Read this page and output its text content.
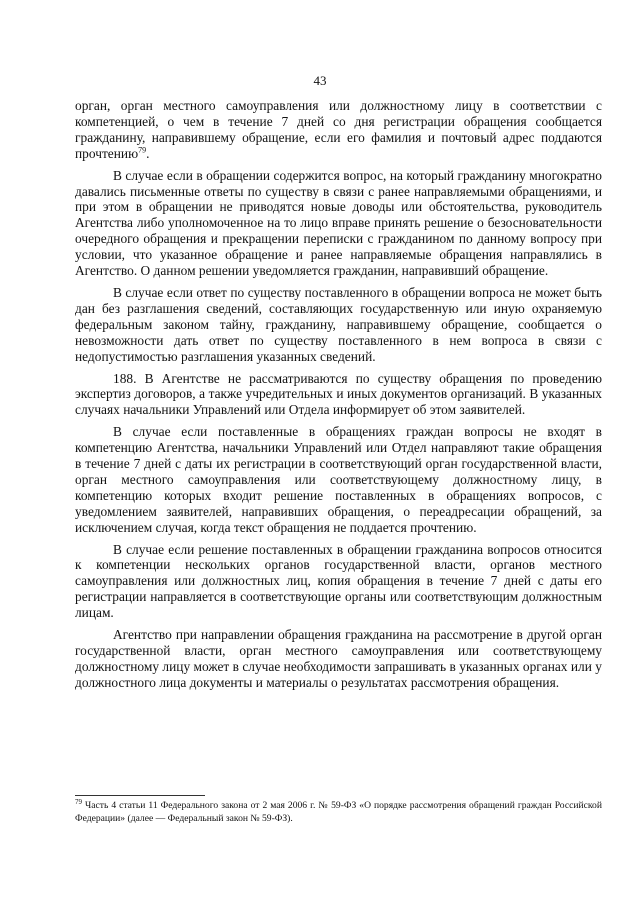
43

орган, орган местного самоуправления или должностному лицу в соответствии с компетенцией, о чем в течение 7 дней со дня регистрации обращения сообщается гражданину, направившему обращение, если его фамилия и почтовый адрес поддаются прочтению$^{79}$.

В случае если в обращении содержится вопрос, на который гражданину многократно давались письменные ответы по существу в связи с ранее направляемыми обращениями, и при этом в обращении не приводятся новые доводы или обстоятельства, руководитель Агентства либо уполномоченное на то лицо вправе принять решение о безосновательности очередного обращения и прекращении переписки с гражданином по данному вопросу при условии, что указанное обращение и ранее направляемые обращения направлялись в Агентство. О данном решении уведомляется гражданин, направивший обращение.

В случае если ответ по существу поставленного в обращении вопроса не может быть дан без разглашения сведений, составляющих государственную или иную охраняемую федеральным законом тайну, гражданину, направившему обращение, сообщается о невозможности дать ответ по существу поставленного в нем вопроса в связи с недопустимостью разглашения указанных сведений.

188. В Агентстве не рассматриваются по существу обращения по проведению экспертиз договоров, а также учредительных и иных документов организаций. В указанных случаях начальники Управлений или Отдела информирует об этом заявителей.

В случае если поставленные в обращениях граждан вопросы не входят в компетенцию Агентства, начальники Управлений или Отдел направляют такие обращения в течение 7 дней с даты их регистрации в соответствующий орган государственной власти, орган местного самоуправления или соответствующему должностному лицу, в компетенцию которых входит решение поставленных в обращениях вопросов, с уведомлением заявителей, направивших обращения, о переадресации обращений, за исключением случая, когда текст обращения не поддается прочтению.

В случае если решение поставленных в обращении гражданина вопросов относится к компетенции нескольких органов государственной власти, органов местного самоуправления или должностных лиц, копия обращения в течение 7 дней с даты его регистрации направляется в соответствующие органы или соответствующим должностным лицам.

Агентство при направлении обращения гражданина на рассмотрение в другой орган государственной власти, орган местного самоуправления или соответствующему должностному лицу может в случае необходимости запрашивать в указанных органах или у должностного лица документы и материалы о результатах рассмотрения обращения.

$^{79}$ Часть 4 статьи 11 Федерального закона от 2 мая 2006 г. № 59-ФЗ «О порядке рассмотрения обращений граждан Российской Федерации» (далее — Федеральный закон № 59-ФЗ).
